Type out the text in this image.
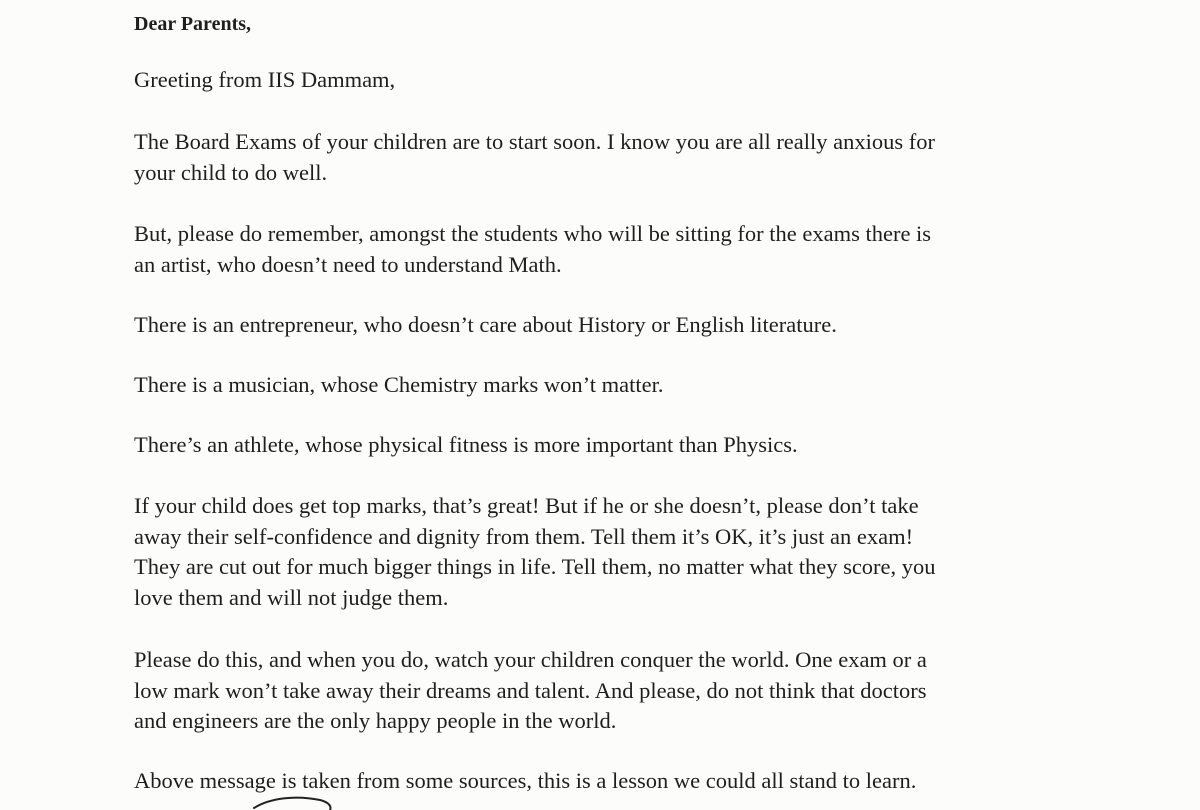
Dear Parents,

Greeting from IIS Dammam,

The Board Exams of your children are to start soon. I know you are all really anxious for
your child to do well.

But, please do remember, amongst the students who will be sitting for the exams there is
an artist, who doesn’t need to understand Math.

There is an entrepreneur, who doesn’t care about History or English literature.

There is a musician, whose Chemistry marks won’t matter.

There’s an athlete, whose physical fitness is more important than Physics.

If your child does get top marks, that’s great! But if he or she doesn’t, please don’t take
away their self-confidence and dignity from them. Tell them it’s OK, it’s just an exam!
They are cut out for much bigger things in life. Tell them, no matter what they score, you
love them and will not judge them.

Please do this, and when you do, watch your children conquer the world. One exam or a
low mark won’t take away their dreams and talent. And please, do not think that doctors
and engineers are the only happy people in the world.

Above message is taken from some sources, this is a lesson we could all stand to learn.
